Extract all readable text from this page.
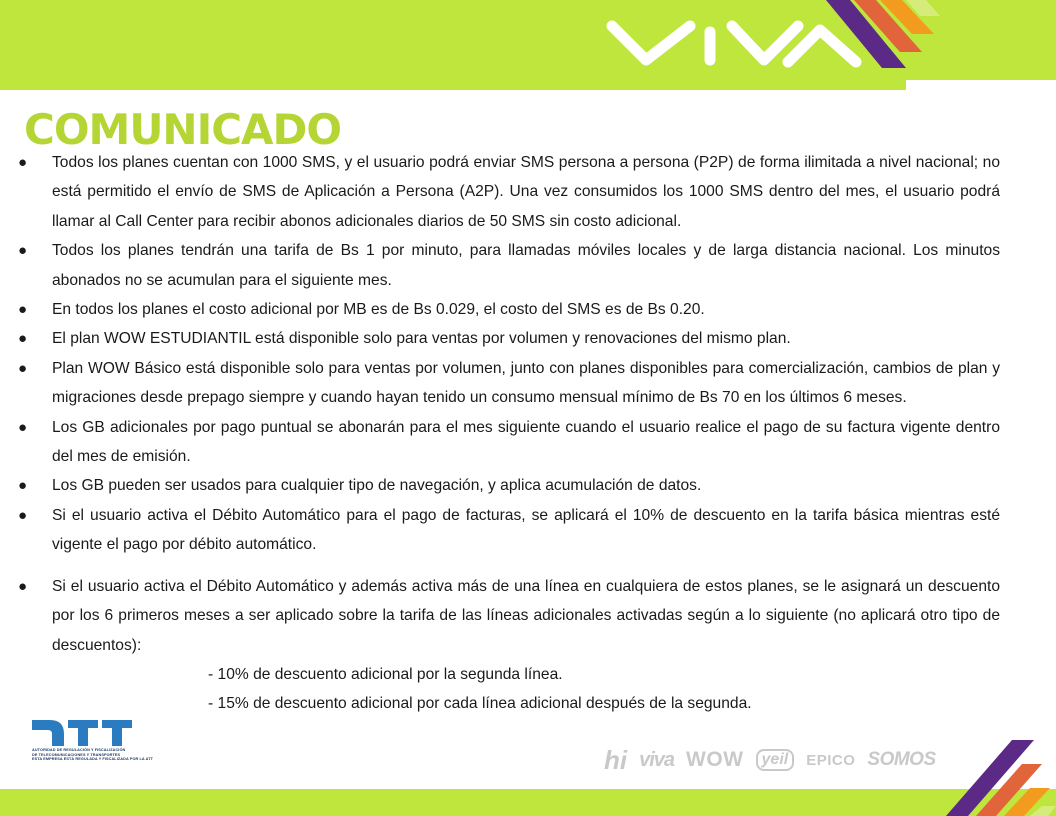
COMUNICADO
● Todos los planes cuentan con 1000 SMS, y el usuario podrá enviar SMS persona a persona (P2P) de forma ilimitada a nivel nacional; no está permitido el envío de SMS de Aplicación a Persona (A2P). Una vez consumidos los 1000 SMS dentro del mes, el usuario podrá llamar al Call Center para recibir abonos adicionales diarios de 50 SMS sin costo adicional.
● Todos los planes tendrán una tarifa de Bs 1 por minuto, para llamadas móviles locales y de larga distancia nacional. Los minutos abonados no se acumulan para el siguiente mes.
● En todos los planes el costo adicional por MB es de Bs 0.029, el costo del SMS es de Bs 0.20.
● El plan WOW ESTUDIANTIL está disponible solo para ventas por volumen y renovaciones del mismo plan.
● Plan WOW Básico está disponible solo para ventas por volumen, junto con planes disponibles para comercialización, cambios de plan y migraciones desde prepago siempre y cuando hayan tenido un consumo mensual mínimo de Bs 70 en los últimos 6 meses.
● Los GB adicionales por pago puntual se abonarán para el mes siguiente cuando el usuario realice el pago de su factura vigente dentro del mes de emisión.
● Los GB pueden ser usados para cualquier tipo de navegación, y aplica acumulación de datos.
● Si el usuario activa el Débito Automático para el pago de facturas, se aplicará el 10% de descuento en la tarifa básica mientras esté vigente el pago por débito automático.
● Si el usuario activa el Débito Automático y además activa más de una línea en cualquiera de estos planes, se le asignará un descuento por los 6 primeros meses a ser aplicado sobre la tarifa de las líneas adicionales activadas según a lo siguiente (no aplicará otro tipo de descuentos):
- 10% de descuento adicional por la segunda línea.
- 15% de descuento adicional por cada línea adicional después de la segunda.
AUTORIDAD DE REGULACIÓN Y FISCALIZACIÓN
DE TELECOMUNICACIONES Y TRANSPORTES
ESTA EMPRESA ESTÁ REGULADA Y FISCALIZADA POR LA ATT	hi viva WOW	yeil	EPICO SOMOS
